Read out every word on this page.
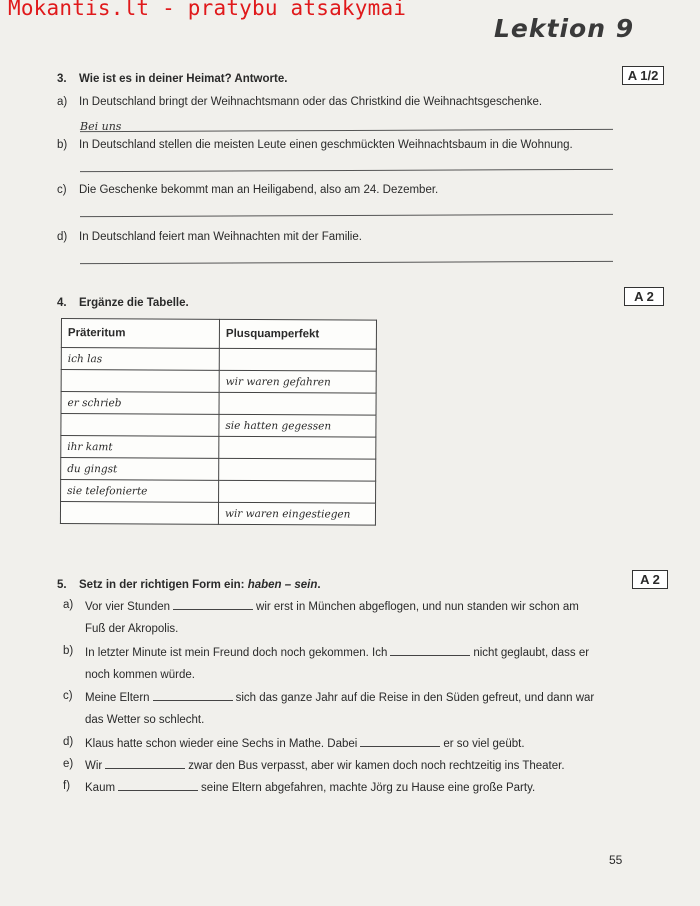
Mokantis.lt - pratybu atsakymai
Lektion 9
3. Wie ist es in deiner Heimat? Antworte.	A 1/2
a)	In Deutschland bringt der Weihnachtsmann oder das Christkind die Weihnachtsgeschenke.
Bei uns
b)	In Deutschland stellen die meisten Leute einen geschmückten Weihnachtsbaum in die Wohnung.
c)	Die Geschenke bekommt man an Heiligabend, also am 24. Dezember.
d)	In Deutschland feiert man Weihnachten mit der Familie.
4. Ergänze die Tabelle.	A 2
Präteritum	Plusquamperfekt
ich las	
	wir waren gefahren
er schrieb	
	sie hatten gegessen
ihr kamt	
du gingst	
sie telefonierte	
	wir waren eingestiegen
5. Setz in der richtigen Form ein: haben – sein.	A 2
a)	Vor vier Stunden	wir erst in München abgeflogen, und nun standen wir schon am
Fuß der Akropolis.
b)	In letzter Minute ist mein Freund doch noch gekommen. Ich	nicht geglaubt, dass er
noch kommen würde.
c)	Meine Eltern	sich das ganze Jahr auf die Reise in den Süden gefreut, und dann war
das Wetter so schlecht.
d)	Klaus hatte schon wieder eine Sechs in Mathe. Dabei	er so viel geübt.
e)	Wir	zwar den Bus verpasst, aber wir kamen doch noch rechtzeitig ins Theater.
f)	Kaum	seine Eltern abgefahren, machte Jörg zu Hause eine große Party.
55
